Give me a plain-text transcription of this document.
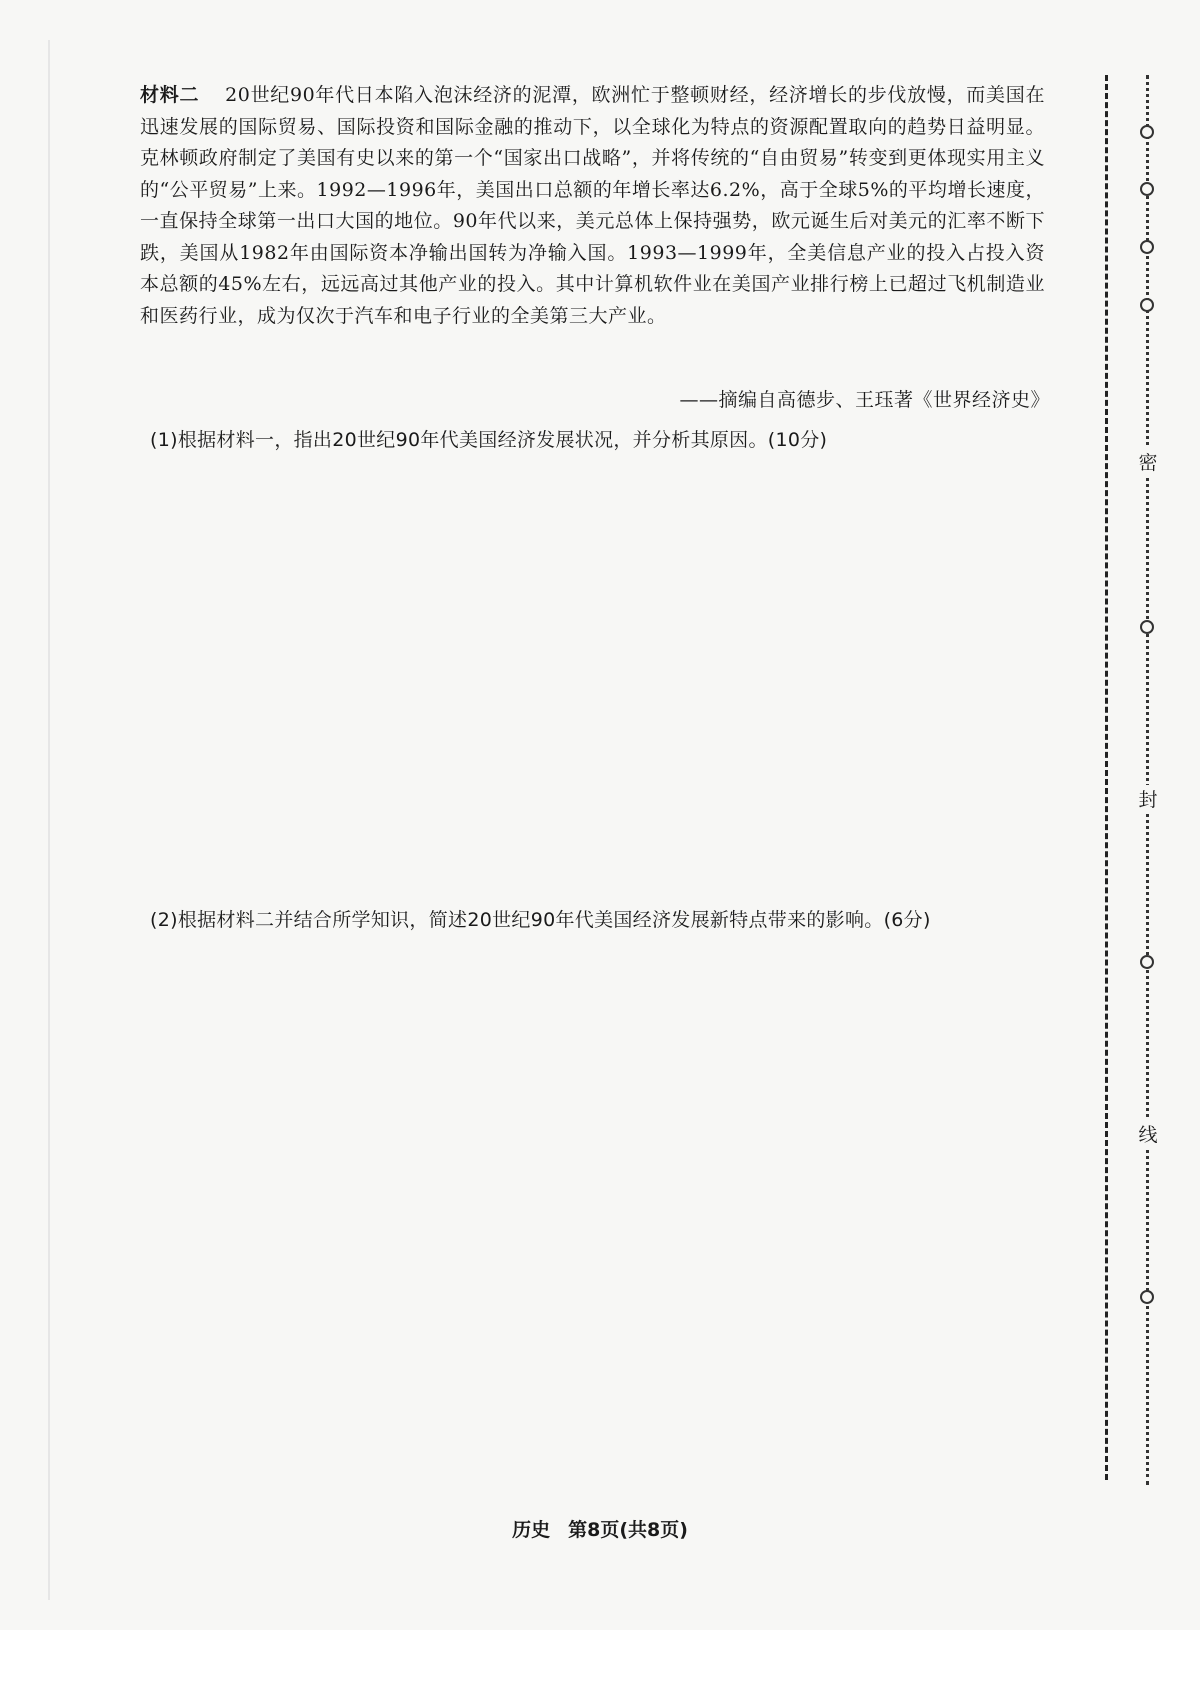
材料二 20世纪90年代日本陷入泡沫经济的泥潭，欧洲忙于整顿财经，经济增长的步伐放慢，而美国在迅速发展的国际贸易、国际投资和国际金融的推动下，以全球化为特点的资源配置取向的趋势日益明显。克林顿政府制定了美国有史以来的第一个“国家出口战略”，并将传统的“自由贸易”转变到更体现实用主义的“公平贸易”上来。1992—1996年，美国出口总额的年增长率达6.2%，高于全球5%的平均增长速度，一直保持全球第一出口大国的地位。90年代以来，美元总体上保持强势，欧元诞生后对美元的汇率不断下跌，美国从1982年由国际资本净输出国转为净输入国。1993—1999年，全美信息产业的投入占投入资本总额的45%左右，远远高过其他产业的投入。其中计算机软件业在美国产业排行榜上已超过飞机制造业和医药行业，成为仅次于汽车和电子行业的全美第三大产业。
——摘编自高德步、王珏著《世界经济史》
(1)根据材料一，指出20世纪90年代美国经济发展状况，并分析其原因。(10分)
(2)根据材料二并结合所学知识，简述20世纪90年代美国经济发展新特点带来的影响。(6分)
历史 第8页(共8页)
密
封
线
